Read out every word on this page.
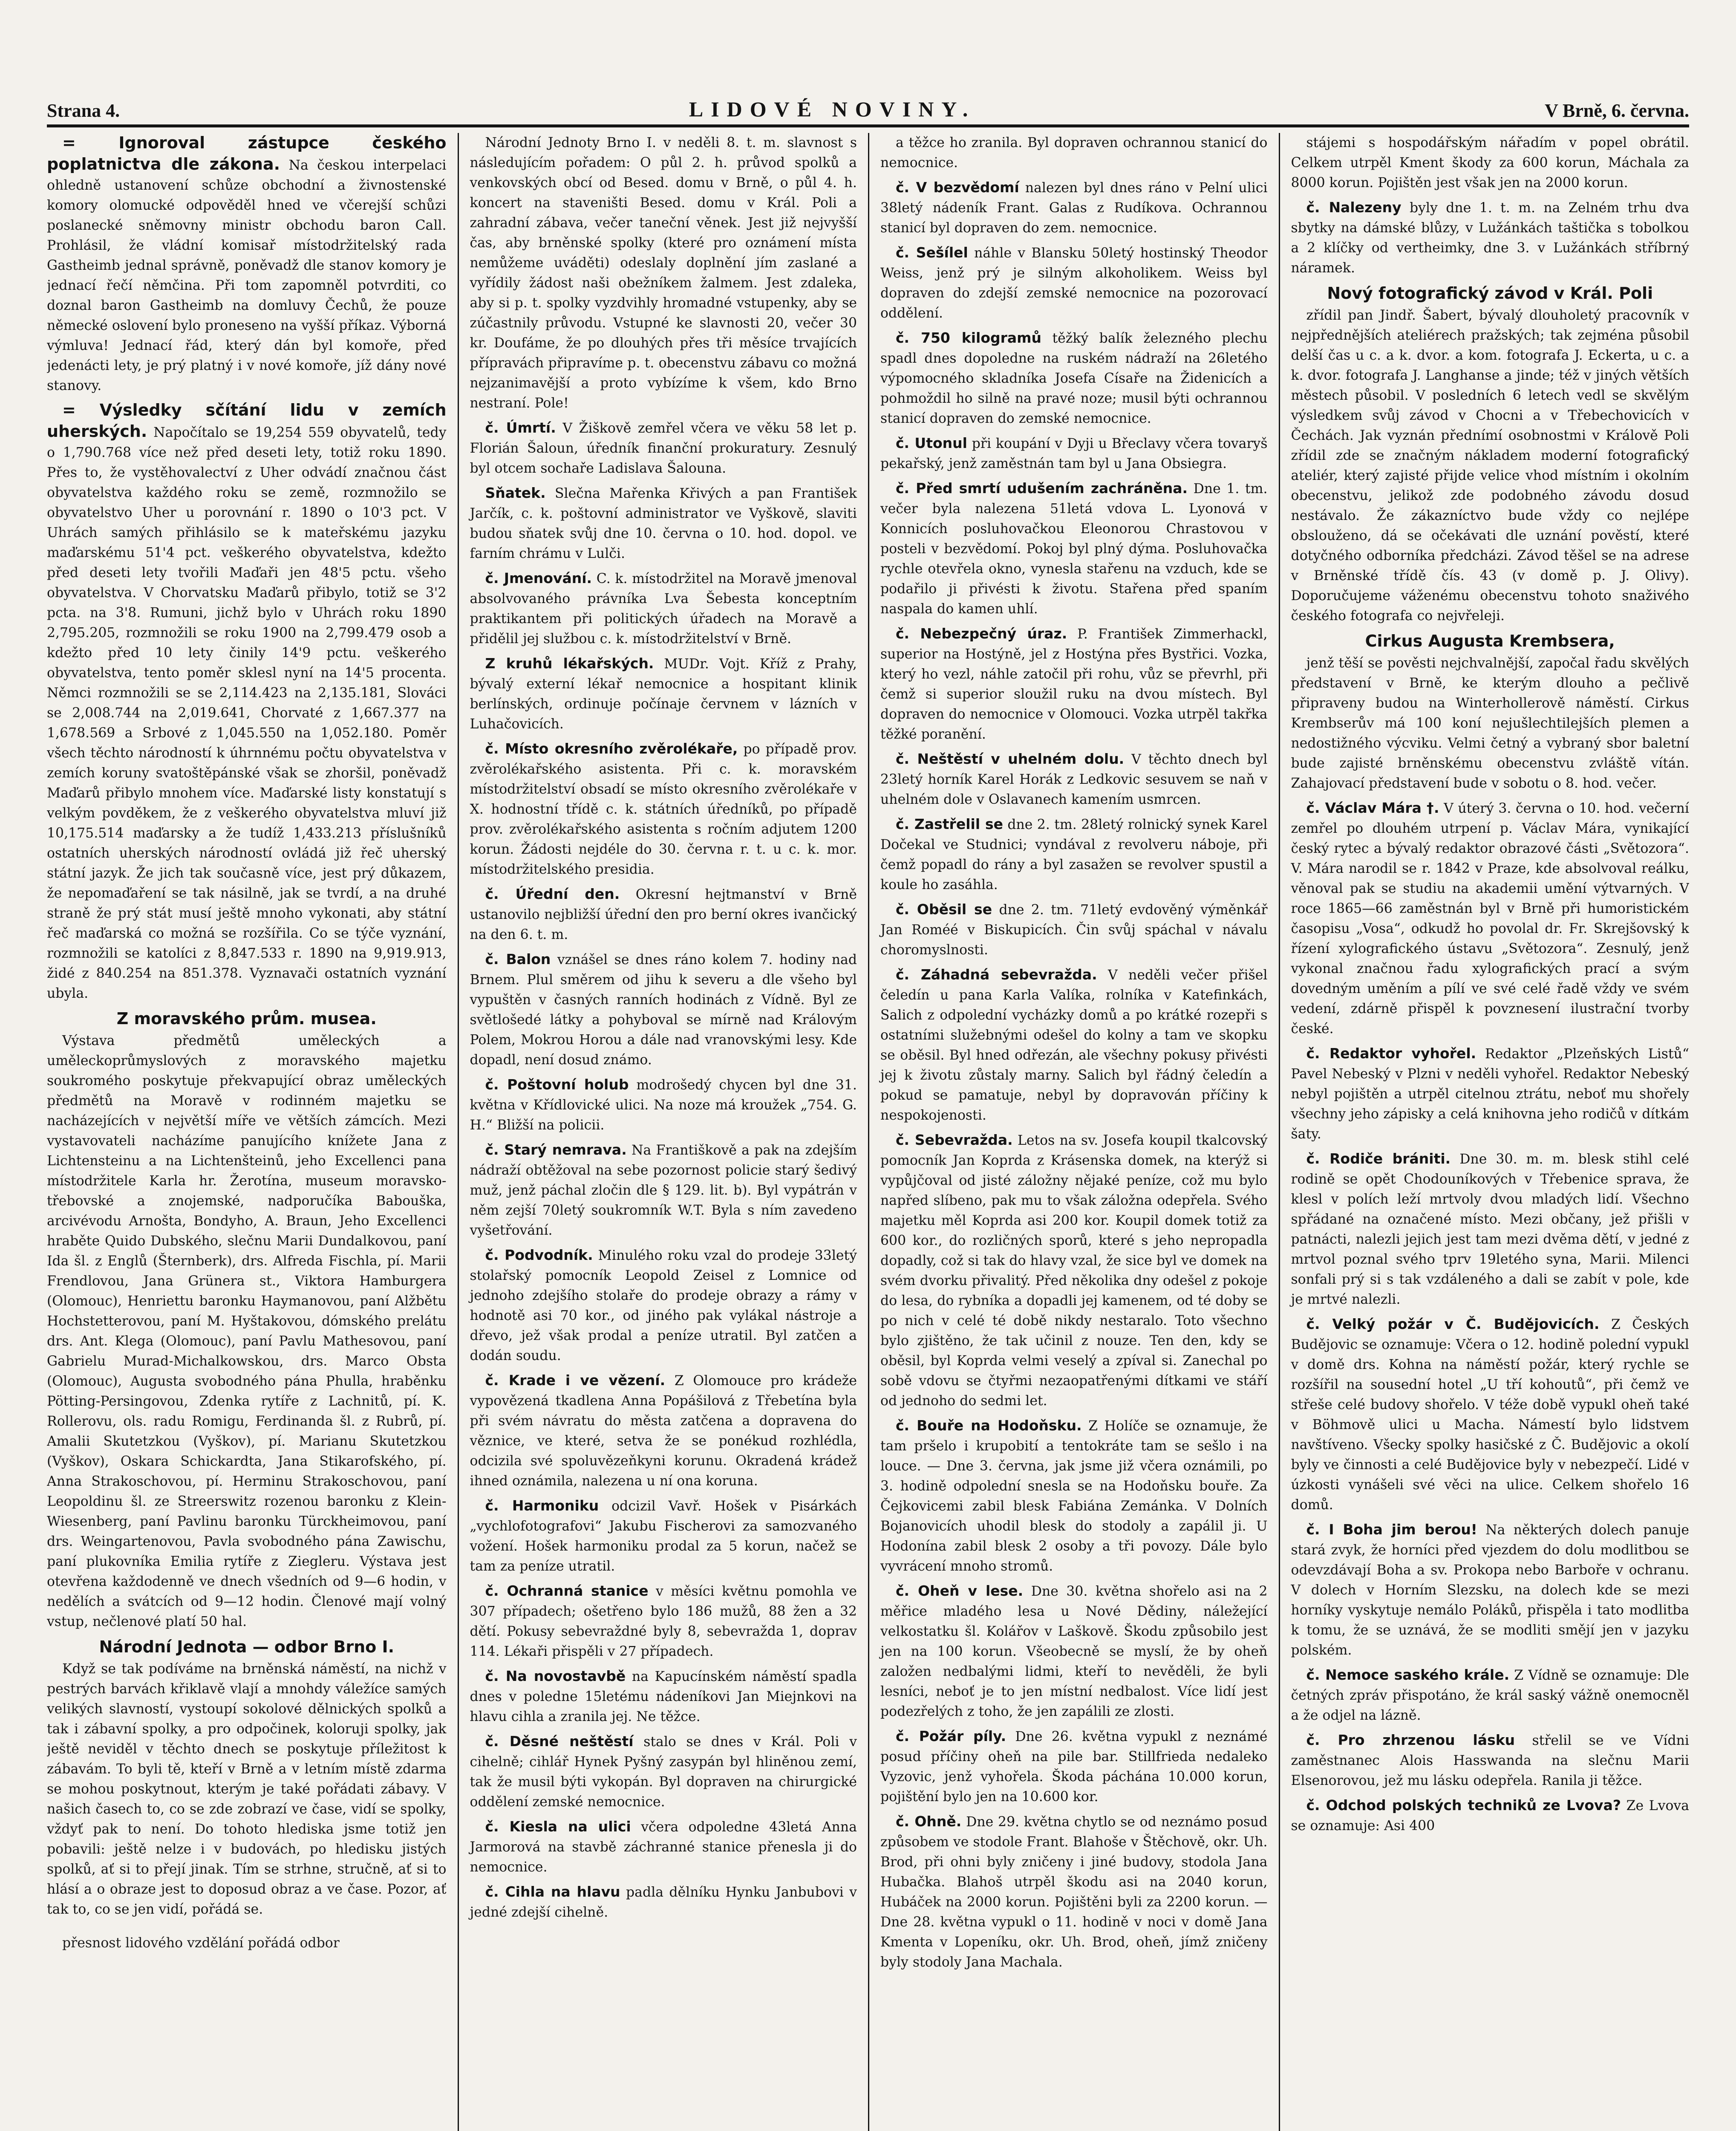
Strana 4.	LIDOVÉ NOVINY.	V Brně, 6. června.

= Ignoroval zástupce českého poplatnictva dle zákona. Na českou interpelaci ohledně ustanovení schůze obchodní a živnostenské komory olomucké odpověděl hned ve včerejší schůzi poslanecké sněmovny ministr obchodu baron Call. Prohlásil, že vládní komisař místodržitelský rada Gastheimb jednal správně, poněvadž dle stanov komory je jednací řečí němčina. Při tom zapomněl potvrditi, co doznal baron Gastheimb na domluvy Čechů, že pouze německé oslovení bylo proneseno na vyšší příkaz. Výborná výmluva! Jednací řád, který dán byl komoře, před jedenácti lety, je prý platný i v nové komoře, jíž dány nové stanovy.

= Výsledky sčítání lidu v zemích uherských. Napočítalo se 19,254 559 obyvatelů, tedy o 1,790.768 více než před deseti lety, totiž roku 1890. Přes to, že vystěhovalectví z Uher odvádí značnou část obyvatelstva každého roku se země, rozmnožilo se obyvatelstvo Uher u porovnání r. 1890 o 10'3 pct. V Uhrách samých přihlásilo se k mateřskému jazyku maďarskému 51'4 pct. veškerého obyvatelstva, kdežto před deseti lety tvořili Maďaři jen 48'5 pctu. všeho obyvatelstva. V Chorvatsku Maďarů přibylo, totiž se 3'2 pcta. na 3'8. Rumuni, jichž bylo v Uhrách roku 1890 2,795.205, rozmnožili se roku 1900 na 2,799.479 osob a kdežto před 10 lety činily 14'9 pctu. veškerého obyvatelstva, tento poměr sklesl nyní na 14'5 procenta. Němci rozmnožili se se 2,114.423 na 2,135.181, Slováci se 2,008.744 na 2,019.641, Chorvaté z 1,667.377 na 1,678.569 a Srbové z 1,045.550 na 1,052.180. Poměr všech těchto národností k úhrnnému počtu obyvatelstva v zemích koruny svatoštěpánské však se zhoršil, poněvadž Maďarů přibylo mnohem více. Maďarské listy konstatují s velkým povděkem, že z veškerého obyvatelstva mluví již 10,175.514 maďarsky a že tudíž 1,433.213 příslušníků ostatních uherských národností ovládá již řeč uherský státní jazyk. Že jich tak současně více, jest prý důkazem, že nepomaďaření se tak násilně, jak se tvrdí, a na druhé straně že prý stát musí ještě mnoho vykonati, aby státní řeč maďarská co možná se rozšířila. Co se týče vyznání, rozmnožili se katolíci z 8,847.533 r. 1890 na 9,919.913, židé z 840.254 na 851.378. Vyznavači ostatních vyznání ubyla.

Z moravského prům. musea.

Výstava předmětů uměleckých a uměleckoprůmyslových z moravského majetku soukromého poskytuje překvapující obraz uměleckých předmětů na Moravě v rodinném majetku se nacházejících v největší míře ve větších zámcích. Mezi vystavovateli nacházíme panujícího knížete Jana z Lichtensteinu a na Lichtenšteinů, jeho Excellenci pana místodržitele Karla hr. Žerotína, museum moravsko-třebovské a znojemské, nadporučíka Babouška, arcivévodu Arnošta, Bondyho, A. Braun, Jeho Excellenci hraběte Quido Dubského, slečnu Marii Dundalkovou, paní Ida šl. z Englů (Šternberk), drs. Alfreda Fischla, pí. Marii Frendlovou, Jana Grünera st., Viktora Hamburgera (Olomouc), Henriettu baronku Haymanovou, paní Alžbětu Hochstetterovou, paní M. Hyštakovou, dómského prelátu drs. Ant. Klega (Olomouc), paní Pavlu Mathesovou, paní Gabrielu Murad-Michalkowskou, drs. Marco Obsta (Olomouc), Augusta svobodného pána Phulla, hraběnku Pötting-Persingovou, Zdenka rytíře z Lachnitů, pí. K. Rollerovu, ols. radu Romigu, Ferdinanda šl. z Rubrů, pí. Amalii Skutetzkou (Vyškov), pí. Marianu Skutetzkou (Vyškov), Oskara Schickardta, Jana Stikarofského, pí. Anna Strakoschovou, pí. Herminu Strakoschovou, paní Leopoldinu šl. ze Streerswitz rozenou baronku z Klein-Wiesenberg, paní Pavlinu baronku Türckheimovou, paní drs. Weingartenovou, Pavla svobodného pána Zawischu, paní plukovníka Emilia rytíře z Ziegleru. Výstava jest otevřena každodenně ve dnech všedních od 9—6 hodin, v nedělích a svátcích od 9—12 hodin. Členové mají volný vstup, nečlenové platí 50 hal.

Národní Jednota — odbor Brno I.

Když se tak podíváme na brněnská náměstí, na nichž v pestrých barvách křiklavě vlají a mnohdy váležíce samých velikých slavností, vystoupí sokolové dělnických spolků a tak i zábavní spolky, a pro odpočinek, koloruji spolky, jak ještě neviděl v těchto dnech se poskytuje příležitost k zábavám. To byli tě, kteří v Brně a v letním místě zdarma se mohou poskytnout, kterým je také pořádati zábavy. V našich časech to, co se zde zobrazí ve čase, vidí se spolky, vždyť pak to není. Do tohoto hlediska jsme totiž jen pobavili: ještě nelze i v budovách, po hledisku jistých spolků, ať si to přejí jinak. Tím se strhne, stručně, ať si to hlásí a o obraze jest to doposud obraz a ve čase. Pozor, ať tak to, co se jen vidí, pořádá se.

přesnost lidového vzdělání pořádá odbor

Národní Jednoty Brno I. v neděli 8. t. m. slavnost s následujícím pořadem: O půl 2. h. průvod spolků a venkovských obcí od Besed. domu v Brně, o půl 4. h. koncert na staveništi Besed. domu v Král. Poli a zahradní zábava, večer taneční věnek. Jest již nejvyšší čas, aby brněnské spolky (které pro oznámení místa nemůžeme uváděti) odeslaly doplnění jím zaslané a vyřídily žádost naši obežníkem žalmem. Jest zdaleka, aby si p. t. spolky vyzdvihly hromadné vstupenky, aby se zúčastnily průvodu. Vstupné ke slavnosti 20, večer 30 kr. Doufáme, že po dlouhých přes tři měsíce trvajících přípravách připravíme p. t. obecenstvu zábavu co možná nejzanimavější a proto vybízíme k všem, kdo Brno nestraní. Pole!

č. Úmrtí. V Žiškově zemřel včera ve věku 58 let p. Florián Šaloun, úředník finanční prokuratury. Zesnulý byl otcem sochaře Ladislava Šalouna.

Sňatek. Slečna Mařenka Křivých a pan František Jarčík, c. k. poštovní administrator ve Vyškově, slaviti budou sňatek svůj dne 10. června o 10. hod. dopol. ve farním chrámu v Lulči.

č. Jmenování. C. k. místodržitel na Moravě jmenoval absolvovaného právníka Lva Šebesta konceptním praktikantem při politických úřadech na Moravě a přidělil jej službou c. k. místodržitelství v Brně.

Z kruhů lékařských. MUDr. Vojt. Kříž z Prahy, bývalý externí lékař nemocnice a hospitant klinik berlínských, ordinuje počínaje červnem v lázních v Luhačovicích.

č. Místo okresního zvěrolékaře, po případě prov. zvěrolékařského asistenta. Při c. k. moravském místodržitelství obsadí se místo okresního zvěrolékaře v X. hodnostní třídě c. k. státních úředníků, po případě prov. zvěrolékařského asistenta s ročním adjutem 1200 korun. Žádosti nejdéle do 30. června r. t. u c. k. mor. místodržitelského presidia.

č. Úřední den. Okresní hejtmanství v Brně ustanovilo nejbližší úřední den pro berní okres ivančický na den 6. t. m.

č. Balon vznášel se dnes ráno kolem 7. hodiny nad Brnem. Plul směrem od jihu k severu a dle všeho byl vypuštěn v časných ranních hodinách z Vídně. Byl ze světlošedé látky a pohyboval se mírně nad Královým Polem, Mokrou Horou a dále nad vranovskými lesy. Kde dopadl, není dosud známo.

č. Poštovní holub modrošedý chycen byl dne 31. května v Křídlovické ulici. Na noze má kroužek „754. G. H.“ Bližší na policii.

č. Starý nemrava. Na Františkově a pak na zdejším nádraží obtěžoval na sebe pozornost policie starý šedivý muž, jenž páchal zločin dle § 129. lit. b). Byl vypátrán v něm zejší 70letý soukromník W.T. Byla s ním zavedeno vyšetřování.

č. Podvodník. Minulého roku vzal do prodeje 33letý stolařský pomocník Leopold Zeisel z Lomnice od jednoho zdejšího stolaře do prodeje obrazy a rámy v hodnotě asi 70 kor., od jiného pak vylákal nástroje a dřevo, jež však prodal a peníze utratil. Byl zatčen a dodán soudu.

č. Krade i ve vězení. Z Olomouce pro krádeže vypovězená tkadlena Anna Popášilová z Třebetína byla při svém návratu do města zatčena a dopravena do věznice, ve které, setva že se ponékud rozhlédla, odcizila své spoluvězeňkyni korunu. Okradená krádež ihned oznámila, nalezena u ní ona koruna.

č. Harmoniku odcizil Vavř. Hošek v Pisárkách „vychlofotografovi“ Jakubu Fischerovi za samozvaného vožení. Hošek harmoniku prodal za 5 korun, načež se tam za peníze utratil.

č. Ochranná stanice v měsíci květnu pomohla ve 307 případech; ošetřeno bylo 186 mužů, 88 žen a 32 dětí. Pokusy sebevraždné byly 8, sebevražda 1, doprav 114. Lékaři přispěli v 27 případech.

č. Na novostavbě na Kapucínském náměstí spadla dnes v poledne 15letému nádeníkovi Jan Miejnkovi na hlavu cihla a zranila jej. Ne těžce.

č. Děsné neštěstí stalo se dnes v Král. Poli v cihelně; cihlář Hynek Pyšný zasypán byl hliněnou zemí, tak že musil býti vykopán. Byl dopraven na chirurgické oddělení zemské nemocnice.

č. Kiesla na ulici včera odpoledne 43letá Anna Jarmorová na stavbě záchranné stanice přenesla ji do nemocnice.

č. Cihla na hlavu padla dělníku Hynku Janbubovi v jedné zdejší cihelně.

a těžce ho zranila. Byl dopraven ochrannou stanicí do nemocnice.

č. V bezvědomí nalezen byl dnes ráno v Pelní ulici 38letý nádeník Frant. Galas z Rudíkova. Ochrannou stanicí byl dopraven do zem. nemocnice.

č. Sešílel náhle v Blansku 50letý hostinský Theodor Weiss, jenž prý je silným alkoholikem. Weiss byl dopraven do zdejší zemské nemocnice na pozorovací oddělení.

č. 750 kilogramů těžký balík železného plechu spadl dnes dopoledne na ruském nádraží na 26letého výpomocného skladníka Josefa Císaře na Židenicích a pohmoždil ho silně na pravé noze; musil býti ochrannou stanicí dopraven do zemské nemocnice.

č. Utonul při koupání v Dyji u Břeclavy včera tovaryš pekařský, jenž zaměstnán tam byl u Jana Obsiegra.

č. Před smrtí udušením zachráněna. Dne 1. tm. večer byla nalezena 51letá vdova L. Lyonová v Konnicích posluhovačkou Eleonorou Chrastovou v posteli v bezvědomí. Pokoj byl plný dýma. Posluhovačka rychle otevřela okno, vynesla stařenu na vzduch, kde se podařilo ji přivésti k životu. Stařena před spaním naspala do kamen uhlí.

č. Nebezpečný úraz. P. František Zimmerhackl, superior na Hostýně, jel z Hostýna přes Bystřici. Vozka, který ho vezl, náhle zatočil při rohu, vůz se převrhl, při čemž si superior sloužil ruku na dvou místech. Byl dopraven do nemocnice v Olomouci. Vozka utrpěl takřka těžké poranění.

č. Neštěstí v uhelném dolu. V těchto dnech byl 23letý horník Karel Horák z Ledkovic sesuvem se naň v uhelném dole v Oslavanech kamením usmrcen.

č. Zastřelil se dne 2. tm. 28letý rolnický synek Karel Dočekal ve Studnici; vyndával z revolveru náboje, při čemž popadl do rány a byl zasažen se revolver spustil a koule ho zasáhla.

č. Oběsil se dne 2. tm. 71letý evdověný výměnkář Jan Roméé v Biskupicích. Čin svůj spáchal v návalu choromyslnosti.

č. Záhadná sebevražda. V neděli večer přišel čeledín u pana Karla Valíka, rolníka v Katefinkách, Salich z odpolední vycházky domů a po krátké rozepři s ostatními služebnými odešel do kolny a tam ve skopku se oběsil. Byl hned odřezán, ale všechny pokusy přivésti jej k životu zůstaly marny. Salich byl řádný čeledín a pokud se pamatuje, nebyl by dopravován příčiny k nespokojenosti.

č. Sebevražda. Letos na sv. Josefa koupil tkalcovský pomocník Jan Koprda z Krásenska domek, na kterýž si vypůjčoval od jisté záložny nějaké peníze, což mu bylo napřed slíbeno, pak mu to však záložna odepřela. Svého majetku měl Koprda asi 200 kor. Koupil domek totiž za 600 kor., do rozličných sporů, které s jeho nepropadla dopadly, což si tak do hlavy vzal, že sice byl ve domek na svém dvorku přivalitý. Před několika dny odešel z pokoje do lesa, do rybníka a dopadli jej kamenem, od té doby se po nich v celé té době nikdy nestaralo. Toto všechno bylo zjištěno, že tak učinil z nouze. Ten den, kdy se oběsil, byl Koprda velmi veselý a zpíval si. Zanechal po sobě vdovu se čtyřmi nezaopatřenými dítkami ve stáří od jednoho do sedmi let.

č. Bouře na Hodoňsku. Z Holíče se oznamuje, že tam pršelo i krupobití a tentokráte tam se sešlo i na louce. — Dne 3. června, jak jsme již včera oznámili, po 3. hodině odpolední snesla se na Hodoňsku bouře. Za Čejkovicemi zabil blesk Fabiána Zemánka. V Dolních Bojanovicích uhodil blesk do stodoly a zapálil ji. U Hodonína zabil blesk 2 osoby a tři povozy. Dále bylo vyvrácení mnoho stromů.

č. Oheň v lese. Dne 30. května shořelo asi na 2 měřice mladého lesa u Nové Dědiny, náležející velkostatku šl. Kolářov v Laškově. Škodu způsobilo jest jen na 100 korun. Všeobecně se myslí, že by oheň založen nedbalými lidmi, kteří to nevěděli, že byli lesníci, neboť je to jen místní nedbalost. Více lidí jest podezřelých z toho, že jen zapálili ze zlosti.

č. Požár píly. Dne 26. května vypukl z neznámé posud příčiny oheň na pile bar. Stillfrieda nedaleko Vyzovic, jenž vyhořela. Škoda páchána 10.000 korun, pojištění bylo jen na 10.600 kor.

č. Ohně. Dne 29. května chytlo se od neznámo posud způsobem ve stodole Frant. Blahoše v Štěchově, okr. Uh. Brod, při ohni byly zničeny i jiné budovy, stodola Jana Hubačka. Blahoš utrpěl škodu asi na 2040 korun, Hubáček na 2000 korun. Pojištěni byli za 2200 korun. — Dne 28. května vypukl o 11. hodině v noci v domě Jana Kmenta v Lopeníku, okr. Uh. Brod, oheň, jímž zničeny byly stodoly Jana Machala.

stájemi s hospodářským nářadím v popel obrátil. Celkem utrpěl Kment škody za 600 korun, Máchala za 8000 korun. Pojištěn jest však jen na 2000 korun.

č. Nalezeny byly dne 1. t. m. na Zelném trhu dva sbytky na dámské blůzy, v Lužánkách taštička s tobolkou a 2 klíčky od vertheimky, dne 3. v Lužánkách stříbrný náramek.

Nový fotografický závod v Král. Poli

zřídil pan Jindř. Šabert, bývalý dlouholetý pracovník v nejpřednějších ateliérech pražských; tak zejména působil delší čas u c. a k. dvor. a kom. fotografa J. Eckerta, u c. a k. dvor. fotografa J. Langhanse a jinde; též v jiných větších městech působil. V posledních 6 letech vedl se skvělým výsledkem svůj závod v Chocni a v Třebechovicích v Čechách. Jak vyznán přednímí osobnostmi v Králově Poli zřídil zde se značným nákladem moderní fotografický ateliér, který zajisté přijde velice vhod místním i okolním obecenstvu, jelikož zde podobného závodu dosud nestávalo. Že zákazníctvo bude vždy co nejlépe obslouženo, dá se očekávati dle uznání pověstí, které dotyčného odborníka předcházi. Závod těšel se na adrese v Brněnské třídě čís. 43 (v domě p. J. Olivy). Doporučujeme váženému obecenstvu tohoto snaživého českého fotografa co nejvřeleji.

Cirkus Augusta Krembsera,

jenž těší se pověsti nejchvalnější, započal řadu skvělých představení v Brně, ke kterým dlouho a pečlivě připraveny budou na Winterhollerově náměstí. Cirkus Krembserův má 100 koní nejušlechtilejších plemen a nedostižného výcviku. Velmi četný a vybraný sbor baletní bude zajisté brněnskému obecenstvu zvláště vítán. Zahajovací představení bude v sobotu o 8. hod. večer.

č. Václav Mára †. V úterý 3. června o 10. hod. večerní zemřel po dlouhém utrpení p. Václav Mára, vynikající český rytec a bývalý redaktor obrazové části „Světozora“. V. Mára narodil se r. 1842 v Praze, kde absolvoval reálku, věnoval pak se studiu na akademii umění výtvarných. V roce 1865—66 zaměstnán byl v Brně při humoristickém časopisu „Vosa“, odkudž ho povolal dr. Fr. Skrejšovský k řízení xylografického ústavu „Světozora“. Zesnulý, jenž vykonal značnou řadu xylografických prací a svým dovedným uměním a pílí ve své celé řadě vždy ve svém vedení, zdárně přispěl k povznesení ilustrační tvorby české.

č. Redaktor vyhořel. Redaktor „Plzeňských Listů“ Pavel Nebeský v Plzni v neděli vyhořel. Redaktor Nebeský nebyl pojištěn a utrpěl citelnou ztrátu, neboť mu shořely všechny jeho zápisky a celá knihovna jeho rodičů v dítkám šaty.

č. Rodiče brániti. Dne 30. m. m. blesk stihl celé rodině se opět Chodouníkových v Třebenice sprava, že klesl v polích leží mrtvoly dvou mladých lidí. Všechno spřádané na označené místo. Mezi občany, jež přišli v patnácti, nalezli jejich jest tam mezi dvěma dětí, v jedné z mrtvol poznal svého tprv 19letého syna, Marii. Milenci sonfali prý si s tak vzdáleného a dali se zabít v pole, kde je mrtvé nalezli.

č. Velký požár v Č. Budějovicích. Z Českých Budějovic se oznamuje: Včera o 12. hodině polední vypukl v domě drs. Kohna na náměstí požár, který rychle se rozšířil na sousední hotel „U tří kohoutů“, při čemž ve střeše celé budovy shořelo. V téže době vypukl oheň také v Böhmově ulici u Macha. Námestí bylo lidstvem navštíveno. Všecky spolky hasičské z Č. Budějovic a okolí byly ve činnosti a celé Budějovice byly v nebezpečí. Lidé v úzkosti vynášeli své věci na ulice. Celkem shořelo 16 domů.

č. I Boha jim berou! Na některých dolech panuje stará zvyk, že horníci před vjezdem do dolu modlitbou se odevzdávají Boha a sv. Prokopa nebo Barboře v ochranu. V dolech v Horním Slezsku, na dolech kde se mezi horníky vyskytuje nemálo Poláků, přispěla i tato modlitba k tomu, že se uznává, že se modliti smějí jen v jazyku polském.

č. Nemoce saského krále. Z Vídně se oznamuje: Dle četných zpráv přispotáno, že král saský vážně onemocněl a že odjel na lázně.

č. Pro zhrzenou lásku střelil se ve Vídni zaměstnanec Alois Hasswanda na slečnu Marii Elsenorovou, jež mu lásku odepřela. Ranila ji těžce.

č. Odchod polských techniků ze Lvova? Ze Lvova se oznamuje: Asi 400
